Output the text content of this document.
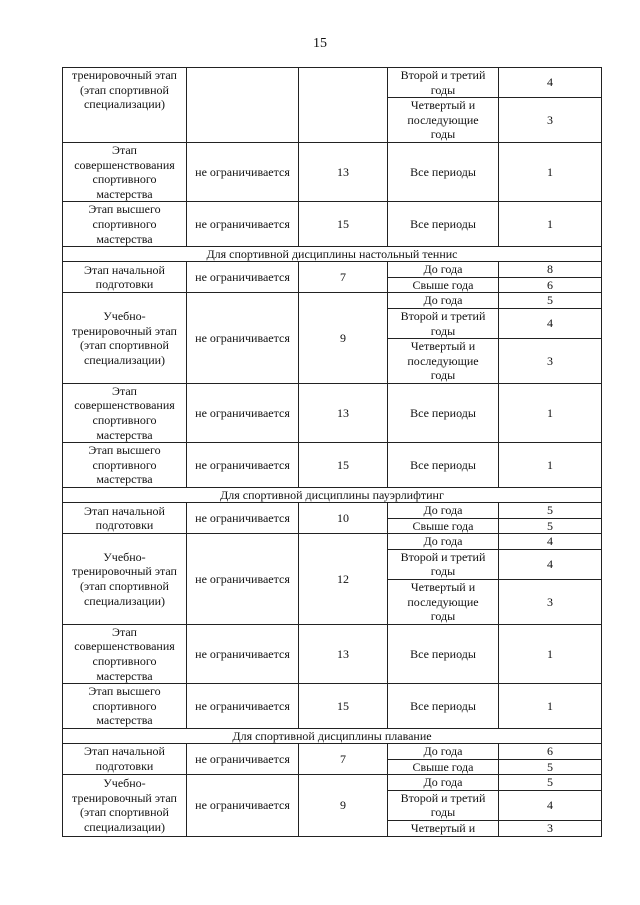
15
тренировочный этап
(этап спортивной
специализации)			Второй и третий
годы	4
			Четвертый и
последующие
годы	3
Этап
совершенствования
спортивного
мастерства	не ограничивается	13	Все периоды	1
Этап высшего
спортивного
мастерства	не ограничивается	15	Все периоды	1
Для спортивной дисциплины настольный теннис				
Этап начальной
подготовки	не ограничивается	7	До года	8
			Свыше года	6
Учебно-
тренировочный этап
(этап спортивной
специализации)	не ограничивается	9	До года	5
			Второй и третий
годы	4
			Четвертый и
последующие
годы	3
Этап
совершенствования
спортивного
мастерства	не ограничивается	13	Все периоды	1
Этап высшего
спортивного
мастерства	не ограничивается	15	Все периоды	1
Для спортивной дисциплины пауэрлифтинг				
Этап начальной
подготовки	не ограничивается	10	До года	5
			Свыше года	5
Учебно-
тренировочный этап
(этап спортивной
специализации)	не ограничивается	12	До года	4
			Второй и третий
годы	4
			Четвертый и
последующие
годы	3
Этап
совершенствования
спортивного
мастерства	не ограничивается	13	Все периоды	1
Этап высшего
спортивного
мастерства	не ограничивается	15	Все периоды	1
Для спортивной дисциплины плавание				
Этап начальной
подготовки	не ограничивается	7	До года	6
			Свыше года	5
Учебно-
тренировочный этап
(этап спортивной
специализации)	не ограничивается	9	До года	5
			Второй и третий
годы	4
			Четвертый и	3
